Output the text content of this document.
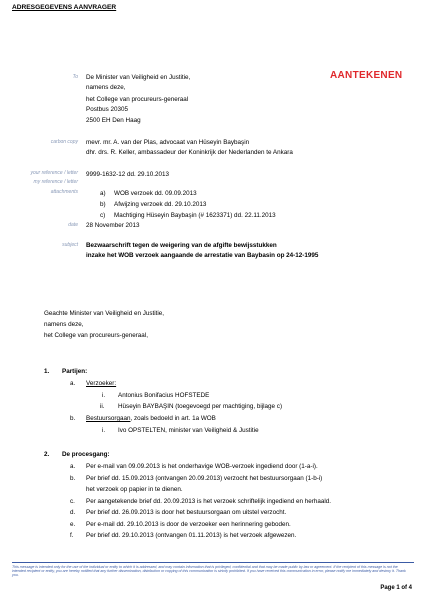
ADRESGEGEVENS AANVRAGER
AANTEKENEN
To
carbon copy
your reference / letter
my reference / letter
attachments
date
subject
De Minister van Veiligheid en Justitie,
namens deze,
het College van procureurs-generaal
Postbus 20305
2500 EH Den Haag
mevr. mr. A. van der Plas, advocaat van Hüseyin Baybaşin
dhr. drs. R. Keller, ambassadeur der Koninkrijk der Nederlanden te Ankara
9999-1632-12 dd. 29.10.2013
a) WOB verzoek dd. 09.09.2013
b) Afwijzing verzoek dd. 29.10.2013
c) Machtiging Hüseyin Baybaşin (# 1623371) dd. 22.11.2013
28 November 2013
Bezwaarschrift tegen de weigering van de afgifte bewijsstukken
inzake het WOB verzoek aangaande de arrestatie van Baybasin op 24-12-1995
Geachte Minister van Veiligheid en Justitie,
namens deze,
het College van procureurs-generaal,
1. Partijen:
a. Verzoeker:
i. Antonius Bonifacius HOFSTEDE
ii. Hüseyin BAYBAŞIN (toegevoegd per machtiging, bijlage c)
b. Bestuursorgaan, zoals bedoeld in art. 1a WOB
i. Ivo OPSTELTEN, minister van Veiligheid & Justitie
2. De procesgang:
a. Per e-mail van 09.09.2013 is het onderhavige WOB-verzoek ingediend door (1-a-i).
b. Per brief dd. 15.09.2013 (ontvangen 20.09.2013) verzocht het bestuursorgaan (1-b-i)
het verzoek op papier in te dienen.
c. Per aangetekende brief dd. 20.09.2013 is het verzoek schriftelijk ingediend en herhaald.
d. Per brief dd. 26.09.2013 is door het bestuursorgaan om uitstel verzocht.
e. Per e-mail dd. 29.10.2013 is door de verzoeker een herinnering geboden.
f. Per brief dd. 29.10.2013 (ontvangen 01.11.2013) is het verzoek afgewezen.
This message is intended only for the use of the individual or entity to which it is addressed, and may contain information that is privileged, confidential and that may be made public by law or agreement. If the recipient of this message is not the intended recipient or entity, you are hereby notified that any further dissemination, distribution or copying of this communication is strictly prohibited. If you have received this communication in error, please notify me immediately and destroy it. Thank you.
Page 1 of 4
